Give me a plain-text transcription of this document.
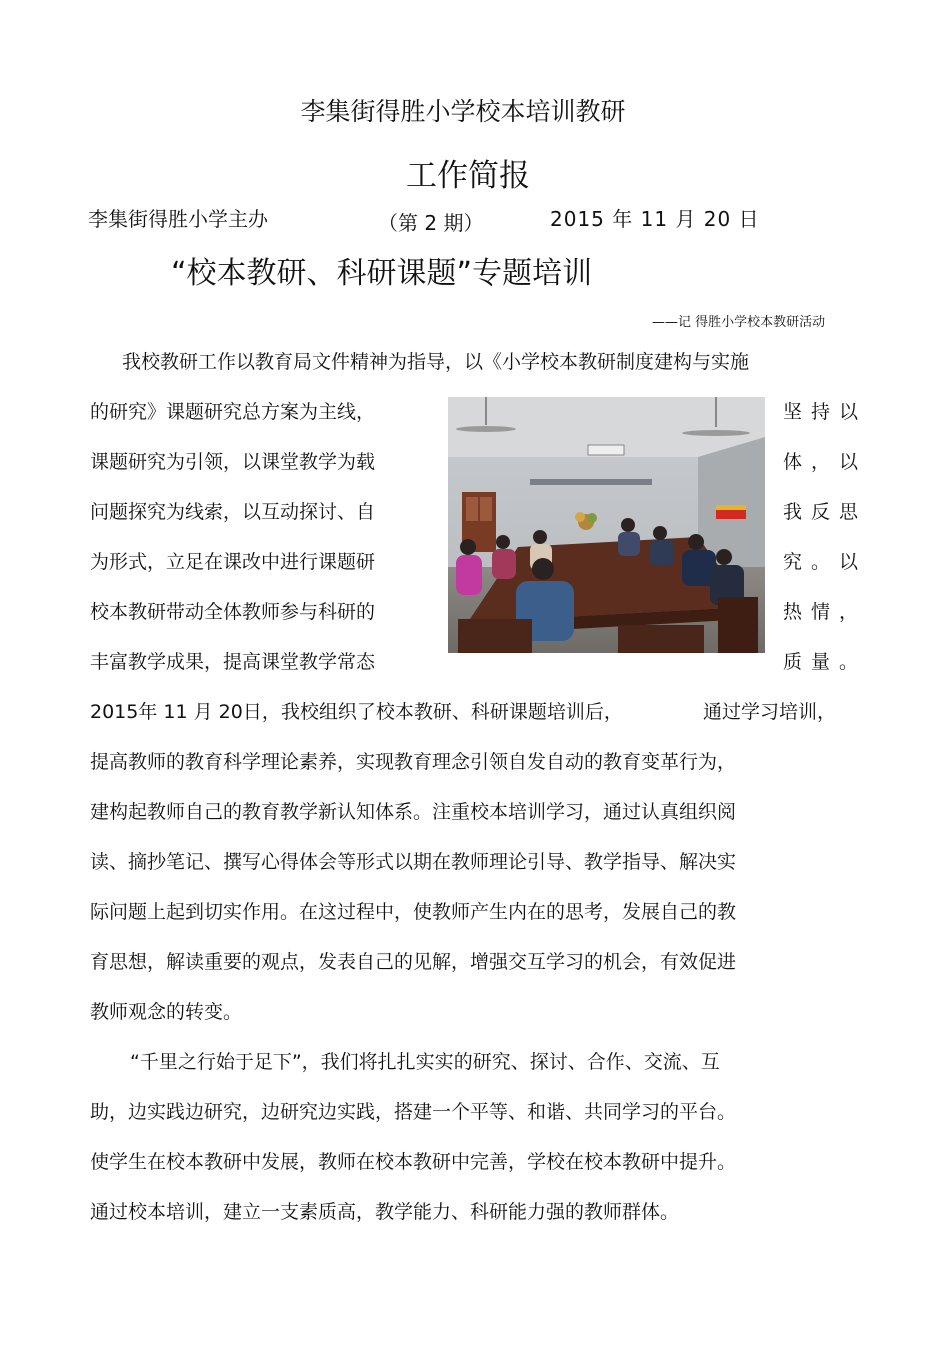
李集街得胜小学校本培训教研
工作简报
李集街得胜小学主办	（第 2 期）	2015 年 11 月 20 日
“校本教研、科研课题”专题培训
——记 得胜小学校本教研活动
我校教研工作以教育局文件精神为指导，以《小学校本教研制度建构与实施
的研究》课题研究总方案为主线，
课题研究为引领，以课堂教学为载
问题探究为线索，以互动探讨、自
为形式，立足在课改中进行课题研
校本教研带动全体教师参与科研的
丰富教学成果，提高课堂教学常态
坚持以
体，以
我反思
究。以
热情，
质量。
2015年 11 月 20日，我校组织了校本教研、科研课题培训后，	通过学习培训，
提高教师的教育科学理论素养，实现教育理念引领自发自动的教育变革行为，
建构起教师自己的教育教学新认知体系。注重校本培训学习，通过认真组织阅
读、摘抄笔记、撰写心得体会等形式以期在教师理论引导、教学指导、解决实
际问题上起到切实作用。在这过程中，使教师产生内在的思考，发展自己的教
育思想，解读重要的观点，发表自己的见解，增强交互学习的机会，有效促进
教师观念的转变。
“千里之行始于足下”，我们将扎扎实实的研究、探讨、合作、交流、互
助，边实践边研究，边研究边实践，搭建一个平等、和谐、共同学习的平台。
使学生在校本教研中发展，教师在校本教研中完善，学校在校本教研中提升。
通过校本培训，建立一支素质高，教学能力、科研能力强的教师群体。
